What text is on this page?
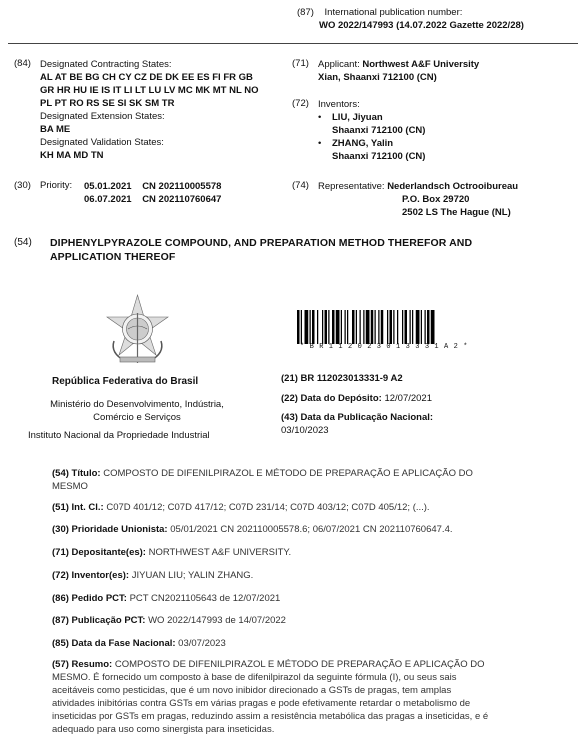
(87) International publication number:
WO 2022/147993 (14.07.2022 Gazette 2022/28)
(84) Designated Contracting States:
AL AT BE BG CH CY CZ DE DK EE ES FI FR GB
GR HR HU IE IS IT LI LT LU LV MC MK MT NL NO
PL PT RO RS SE SI SK SM TR
Designated Extension States:
BA ME
Designated Validation States:
KH MA MD TN
(30) Priority: 05.01.2021 CN 202110005578
06.07.2021 CN 202110760647
(71) Applicant: Northwest A&F University
Xian, Shaanxi 712100 (CN)
(72) Inventors:
•	LIU, Jiyuan
Shaanxi 712100 (CN)
•	ZHANG, Yalin
Shaanxi 712100 (CN)
(74) Representative: Nederlandsch Octrooibureau
P.O. Box 29720
2502 LS The Hague (NL)
(54) DIPHENYLPYRAZOLE COMPOUND, AND PREPARATION METHOD THEREFOR AND
APPLICATION THEREOF
* B R 1 1 2 0 2 3 0 1 3 3 3 1 A 2 *
República Federativa do Brasil
Ministério do Desenvolvimento, Indústria,
Comércio e Serviços
Instituto Nacional da Propriedade Industrial
(21) BR 112023013331-9 A2
(22) Data do Depósito: 12/07/2021
(43) Data da Publicação Nacional:
03/10/2023
(54) Título: COMPOSTO DE DIFENILPIRAZOL E MÉTODO DE PREPARAÇÃO E APLICAÇÃO DO
MESMO
(51) Int. Cl.: C07D 401/12; C07D 417/12; C07D 231/14; C07D 403/12; C07D 405/12; (...).
(30) Prioridade Unionista: 05/01/2021 CN 202110005578.6; 06/07/2021 CN 202110760647.4.
(71) Depositante(es): NORTHWEST A&F UNIVERSITY.
(72) Inventor(es): JIYUAN LIU; YALIN ZHANG.
(86) Pedido PCT: PCT CN2021105643 de 12/07/2021
(87) Publicação PCT: WO 2022/147993 de 14/07/2022
(85) Data da Fase Nacional: 03/07/2023
(57) Resumo: COMPOSTO DE DIFENILPIRAZOL E MÉTODO DE PREPARAÇÃO E APLICAÇÃO DO
MESMO. É fornecido um composto à base de difenilpirazol da seguinte fórmula (I), ou seus sais
aceitáveis como pesticidas, que é um novo inibidor direcionado a GSTs de pragas, tem amplas
atividades inibitórias contra GSTs em várias pragas e pode efetivamente retardar o metabolismo de
inseticidas por GSTs em pragas, reduzindo assim a resistência metabólica das pragas a inseticidas, e é
adequado para uso como sinergista para inseticidas.
